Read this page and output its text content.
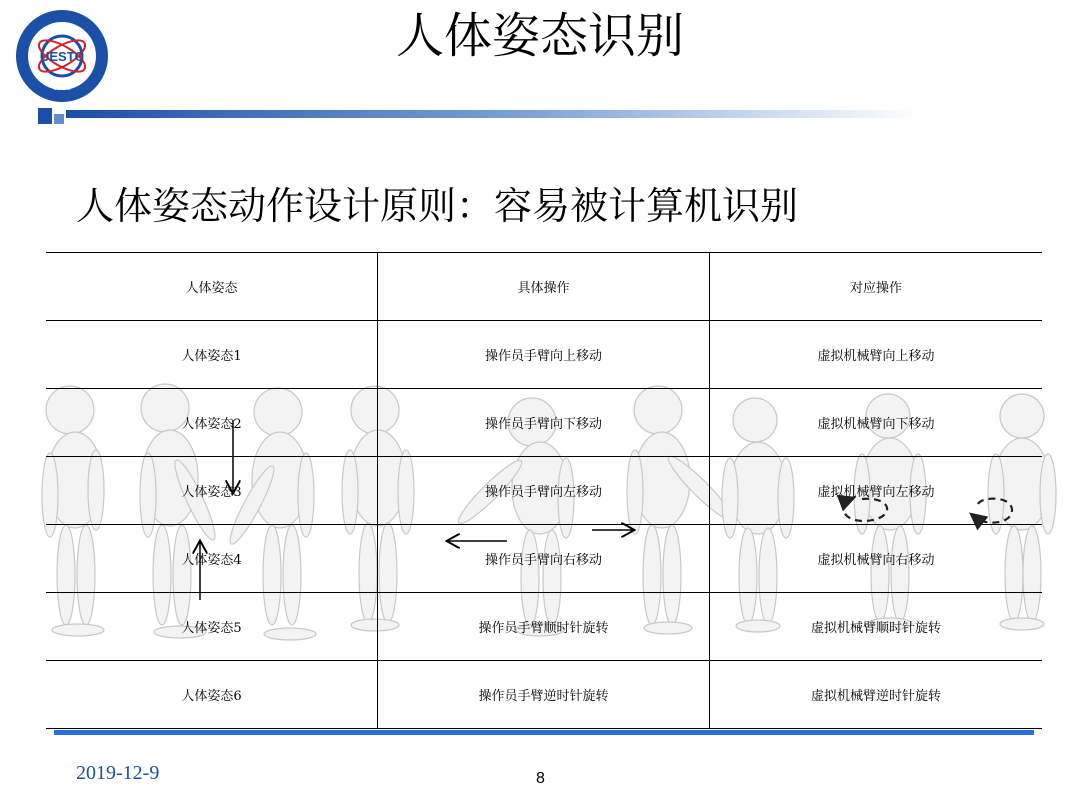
UESTC
1956
人体姿态识别
人体姿态动作设计原则：容易被计算机识别
人体姿态	具体操作	对应操作
人体姿态1	操作员手臂向上移动	虚拟机械臂向上移动
人体姿态2	操作员手臂向下移动	虚拟机械臂向下移动
人体姿态3	操作员手臂向左移动	虚拟机械臂向左移动
人体姿态4	操作员手臂向右移动	虚拟机械臂向右移动
人体姿态5	操作员手臂顺时针旋转	虚拟机械臂顺时针旋转
人体姿态6	操作员手臂逆时针旋转	虚拟机械臂逆时针旋转
2019-12-9	8
